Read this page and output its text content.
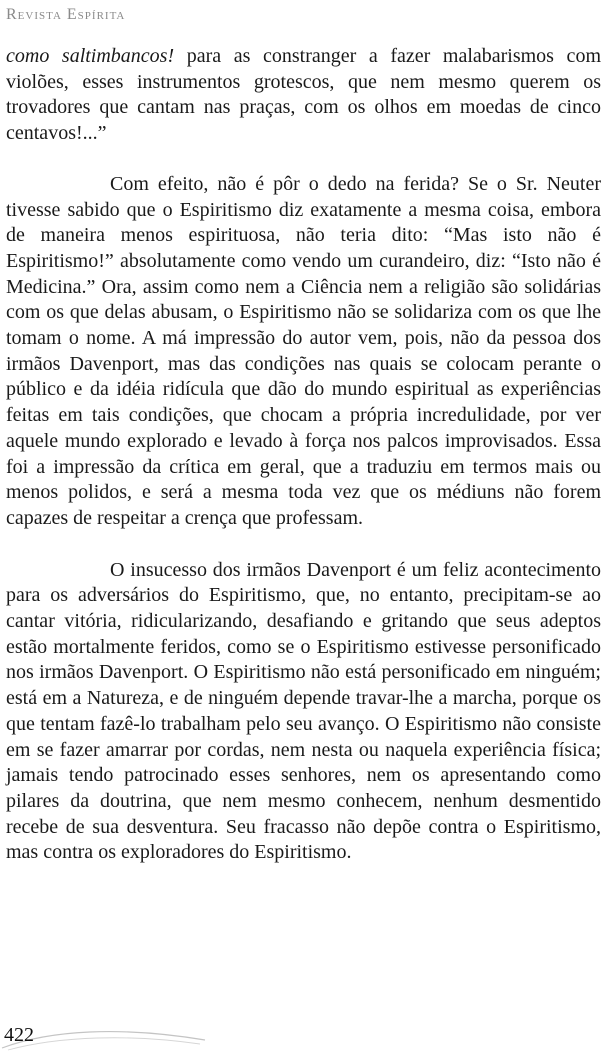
Revista Espírita

como saltimbancos! para as constranger a fazer malabarismos com violões, esses instrumentos grotescos, que nem mesmo querem os trovadores que cantam nas praças, com os olhos em moedas de cinco centavos!...”

Com efeito, não é pôr o dedo na ferida? Se o Sr. Neuter tivesse sabido que o Espiritismo diz exatamente a mesma coisa, embora de maneira menos espirituosa, não teria dito: “Mas isto não é Espiritismo!” absolutamente como vendo um curandeiro, diz: “Isto não é Medicina.” Ora, assim como nem a Ciência nem a religião são solidárias com os que delas abusam, o Espiritismo não se solidariza com os que lhe tomam o nome. A má impressão do autor vem, pois, não da pessoa dos irmãos Davenport, mas das condições nas quais se colocam perante o público e da idéia ridícula que dão do mundo espiritual as experiências feitas em tais condições, que chocam a própria incredulidade, por ver aquele mundo explorado e levado à força nos palcos improvisados. Essa foi a impressão da crítica em geral, que a traduziu em termos mais ou menos polidos, e será a mesma toda vez que os médiuns não forem capazes de respeitar a crença que professam.

O insucesso dos irmãos Davenport é um feliz acontecimento para os adversários do Espiritismo, que, no entanto, precipitam-se ao cantar vitória, ridicularizando, desafiando e gritando que seus adeptos estão mortalmente feridos, como se o Espiritismo estivesse personificado nos irmãos Davenport. O Espiritismo não está personificado em ninguém; está em a Natureza, e de ninguém depende travar-lhe a marcha, porque os que tentam fazê-lo trabalham pelo seu avanço. O Espiritismo não consiste em se fazer amarrar por cordas, nem nesta ou naquela experiência física; jamais tendo patrocinado esses senhores, nem os apresentando como pilares da doutrina, que nem mesmo conhecem, nenhum desmentido recebe de sua desventura. Seu fracasso não depõe contra o Espiritismo, mas contra os exploradores do Espiritismo.

422
